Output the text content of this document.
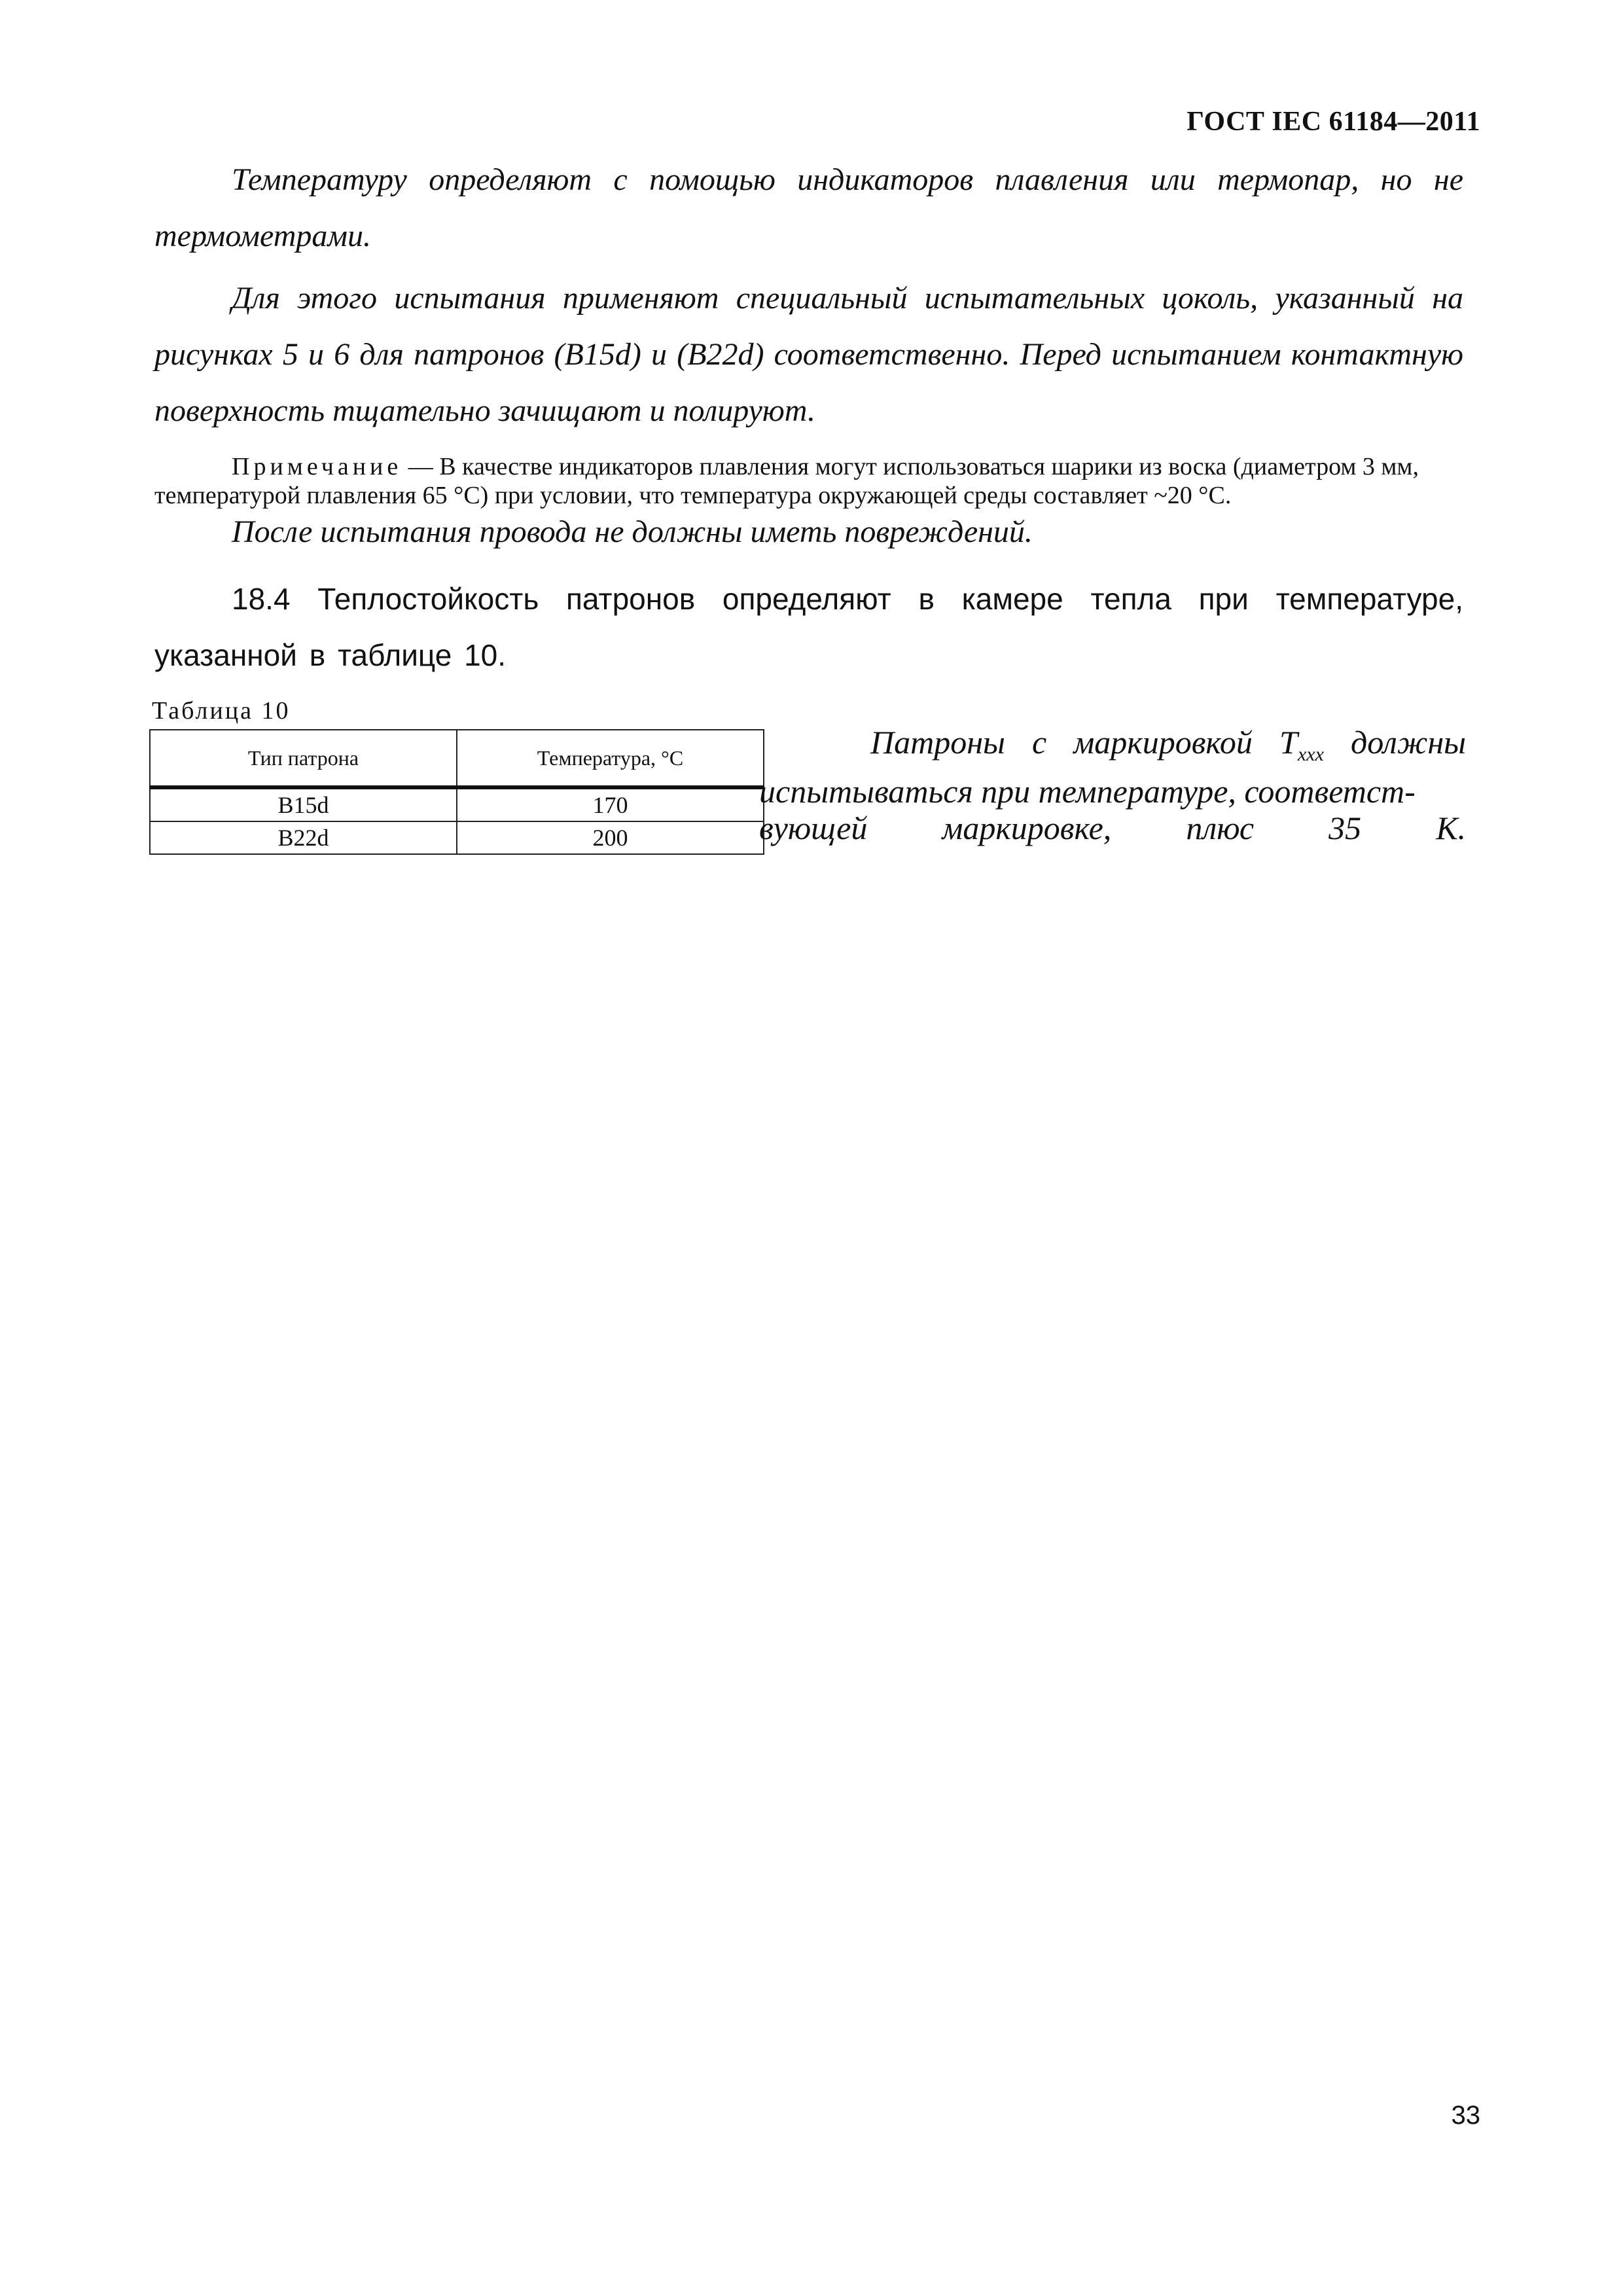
ГОСТ IEC 61184—2011

Температуру определяют с помощью индикаторов плавления или термопар, но не термометрами.

Для этого испытания применяют специальный испытательных цоколь, указанный на рисунках 5 и 6 для патронов (B15d) и (B22d) соответственно. Перед испытанием контактную поверхность тщательно зачищают и полируют.

Примечание — В качестве индикаторов плавления могут использоваться шарики из воска (диаметром 3 мм, температурой плавления 65 °С) при условии, что температура окружающей среды составляет ~20 °С.

После испытания провода не должны иметь повреждений.

18.4 Теплостойкость патронов определяют в камере тепла при температуре, указанной в таблице 10.

Таблица 10
Тип патрона	Температура, °С
B15d	170
B22d	200

Патроны с маркировкой $T_{xxx}$ должны испытываться при температуре, соответст-
вующей маркировке, плюс 35 К.

33
